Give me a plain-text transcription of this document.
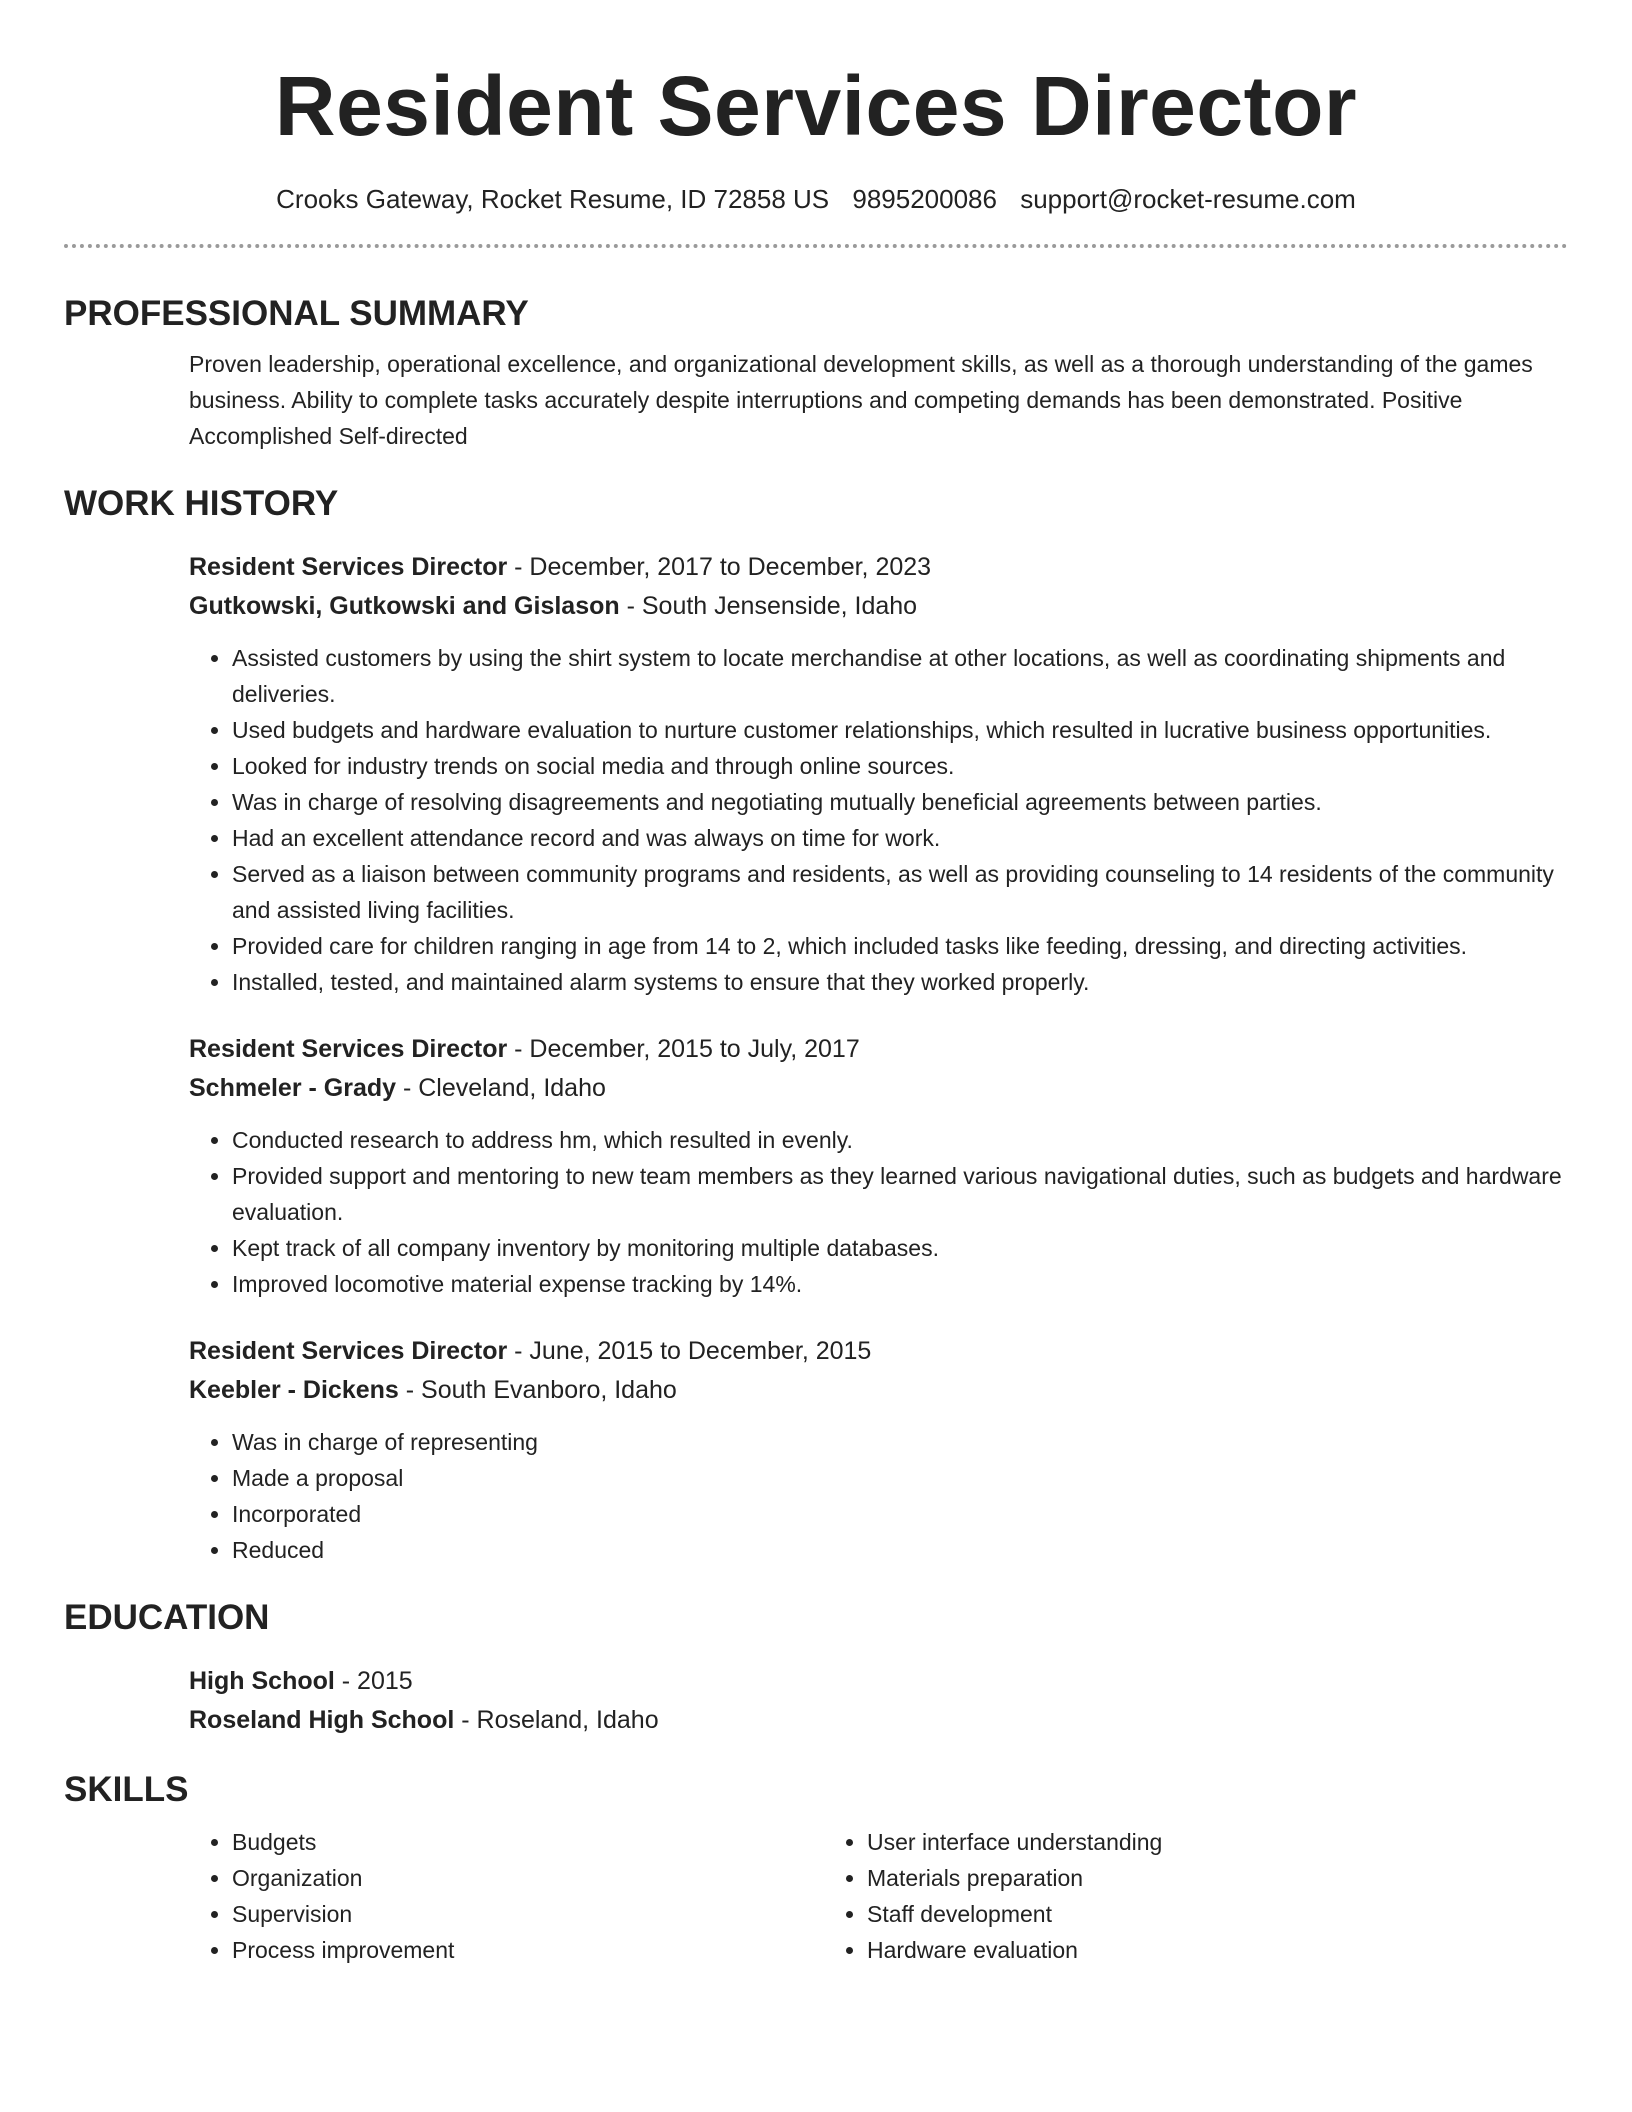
Resident Services Director
Crooks Gateway, Rocket Resume, ID 72858 US 9895200086 support@rocket-resume.com
PROFESSIONAL SUMMARY

Proven leadership, operational excellence, and organizational development skills, as well as a thorough understanding of the games business. Ability to complete tasks accurately despite interruptions and competing demands has been demonstrated. Positive Accomplished Self-directed

WORK HISTORY

Resident Services Director - December, 2017 to December, 2023

Gutkowski, Gutkowski and Gislason - South Jensenside, Idaho

• Assisted customers by using the shirt system to locate merchandise at other locations, as well as coordinating shipments and deliveries.
• Used budgets and hardware evaluation to nurture customer relationships, which resulted in lucrative business opportunities.
• Looked for industry trends on social media and through online sources.
• Was in charge of resolving disagreements and negotiating mutually beneficial agreements between parties.
• Had an excellent attendance record and was always on time for work.
• Served as a liaison between community programs and residents, as well as providing counseling to 14 residents of the community and assisted living facilities.
• Provided care for children ranging in age from 14 to 2, which included tasks like feeding, dressing, and directing activities.
• Installed, tested, and maintained alarm systems to ensure that they worked properly.

Resident Services Director - December, 2015 to July, 2017

Schmeler - Grady - Cleveland, Idaho

• Conducted research to address hm, which resulted in evenly.
• Provided support and mentoring to new team members as they learned various navigational duties, such as budgets and hardware evaluation.
• Kept track of all company inventory by monitoring multiple databases.
• Improved locomotive material expense tracking by 14%.

Resident Services Director - June, 2015 to December, 2015

Keebler - Dickens - South Evanboro, Idaho

• Was in charge of representing
• Made a proposal
• Incorporated
• Reduced
EDUCATION

High School - 2015

Roseland High School - Roseland, Idaho

SKILLS
• Budgets
• Organization
• Supervision
• Process improvement
• User interface understanding
• Materials preparation
• Staff development
• Hardware evaluation
